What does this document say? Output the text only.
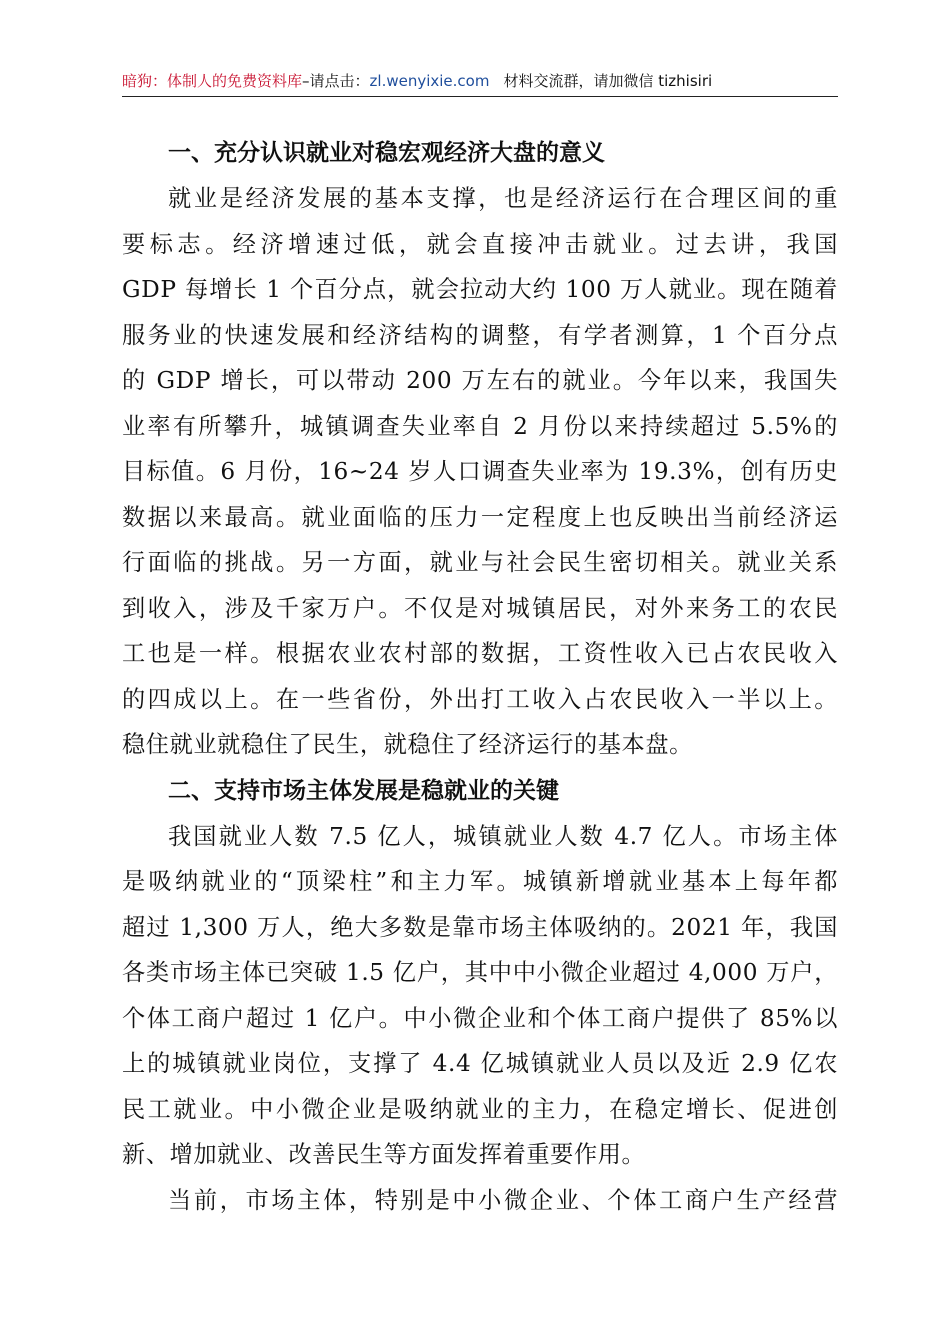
暗狗：体制人的免费资料库–请点击：zl.wenyixie.com 材料交流群，请加微信 tizhisiri
一、充分认识就业对稳宏观经济大盘的意义
就业是经济发展的基本支撑，也是经济运行在合理区间的重
要标志。经济增速过低，就会直接冲击就业。过去讲，我国
GDP 每增长 1 个百分点，就会拉动大约 100 万人就业。现在随着
服务业的快速发展和经济结构的调整，有学者测算，1 个百分点
的 GDP 增长，可以带动 200 万左右的就业。今年以来，我国失
业率有所攀升，城镇调查失业率自 2 月份以来持续超过 5.5%的
目标值。6 月份，16~24 岁人口调查失业率为 19.3%，创有历史
数据以来最高。就业面临的压力一定程度上也反映出当前经济运
行面临的挑战。另一方面，就业与社会民生密切相关。就业关系
到收入，涉及千家万户。不仅是对城镇居民，对外来务工的农民
工也是一样。根据农业农村部的数据，工资性收入已占农民收入
的四成以上。在一些省份，外出打工收入占农民收入一半以上。
稳住就业就稳住了民生，就稳住了经济运行的基本盘。
二、支持市场主体发展是稳就业的关键
我国就业人数 7.5 亿人，城镇就业人数 4.7 亿人。市场主体
是吸纳就业的“顶梁柱”和主力军。城镇新增就业基本上每年都
超过 1,300 万人，绝大多数是靠市场主体吸纳的。2021 年，我国
各类市场主体已突破 1.5 亿户，其中中小微企业超过 4,000 万户，
个体工商户超过 1 亿户。中小微企业和个体工商户提供了 85%以
上的城镇就业岗位，支撑了 4.4 亿城镇就业人员以及近 2.9 亿农
民工就业。中小微企业是吸纳就业的主力，在稳定增长、促进创
新、增加就业、改善民生等方面发挥着重要作用。
当前，市场主体，特别是中小微企业、个体工商户生产经营
